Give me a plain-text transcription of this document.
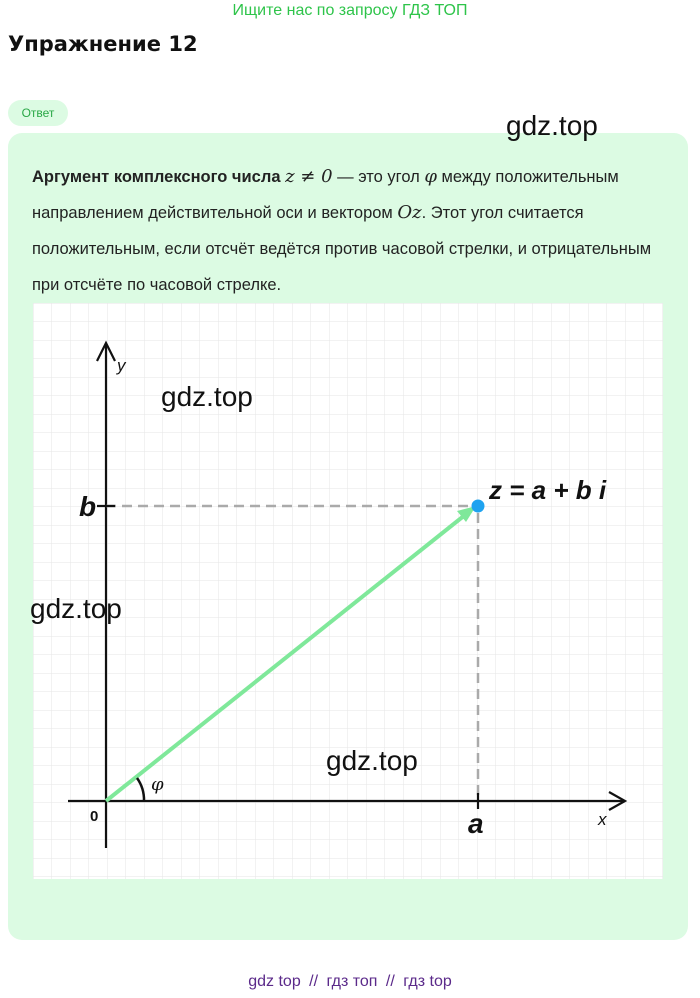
Ищите нас по запросу ГДЗ ТОП
Упражнение 12
Ответ
Аргумент комплексного числа z ≠ 0 — это угол φ между положительным направлением действительной оси и вектором Oz. Этот угол считается положительным, если отсчёт ведётся против часовой стрелки, и отрицательным при отсчёте по часовой стрелке.
y
x
0
b
a
φ
z = a + b i
gdz.top
gdz.top
gdz.top
gdz.top
gdz top // гдз топ // гдз top
